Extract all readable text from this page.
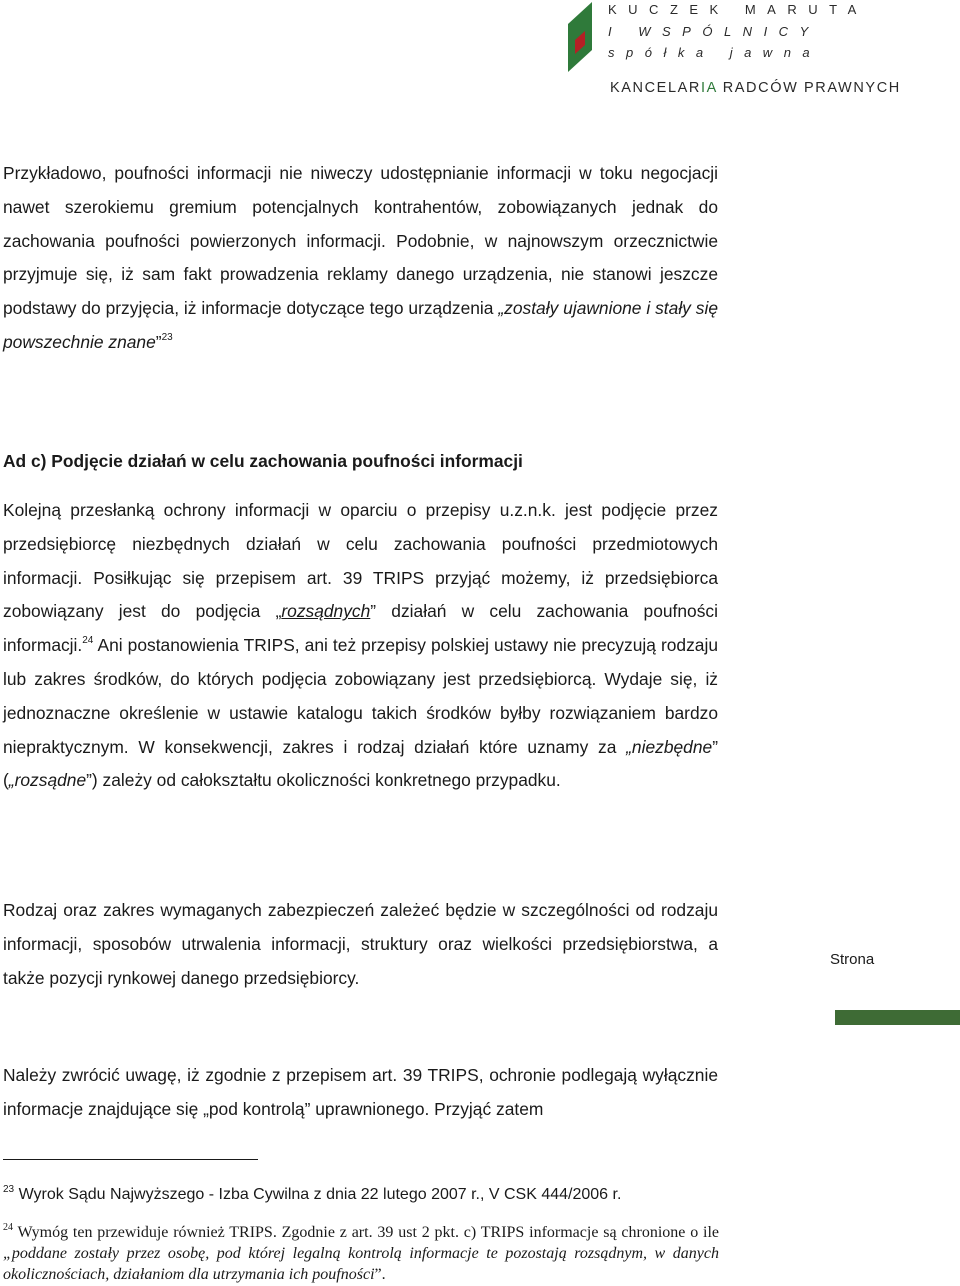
KUCZEK MARUTA
I WSPÓLNICY
spółka jawna
KANCELARIA RADCÓW PRAWNYCH

Przykładowo, poufności informacji nie niweczy udostępnianie informacji w toku negocjacji nawet szerokiemu gremium potencjalnych kontrahentów, zobowiązanych jednak do zachowania poufności powierzonych informacji. Podobnie, w najnowszym orzecznictwie przyjmuje się, iż sam fakt prowadzenia reklamy danego urządzenia, nie stanowi jeszcze podstawy do przyjęcia, iż informacje dotyczące tego urządzenia „zostały ujawnione i stały się powszechnie znane”$^{23}$

Ad c) Podjęcie działań w celu zachowania poufności informacji

Kolejną przesłanką ochrony informacji w oparciu o przepisy u.z.n.k. jest podjęcie przez przedsiębiorcę niezbędnych działań w celu zachowania poufności przedmiotowych informacji. Posiłkując się przepisem art. 39 TRIPS przyjąć możemy, iż przedsiębiorca zobowiązany jest do podjęcia „rozsądnych” działań w celu zachowania poufności informacji.$^{24}$ Ani postanowienia TRIPS, ani też przepisy polskiej ustawy nie precyzują rodzaju lub zakres środków, do których podjęcia zobowiązany jest przedsiębiorcą. Wydaje się, iż jednoznaczne określenie w ustawie katalogu takich środków byłby rozwiązaniem bardzo niepraktycznym. W konsekwencji, zakres i rodzaj działań które uznamy za „niezbędne” („rozsądne”) zależy od całokształtu okoliczności konkretnego przypadku.

Rodzaj oraz zakres wymaganych zabezpieczeń zależeć będzie w szczególności od rodzaju informacji, sposobów utrwalenia informacji, struktury oraz wielkości przedsiębiorstwa, a także pozycji rynkowej danego przedsiębiorcy.
Strona
Należy zwrócić uwagę, iż zgodnie z przepisem art. 39 TRIPS, ochronie podlegają wyłącznie informacje znajdujące się „pod kontrolą” uprawnionego. Przyjąć zatem
$^{23}$ Wyrok Sądu Najwyższego - Izba Cywilna z dnia 22 lutego 2007 r., V CSK 444/2006 r.
$^{24}$ Wymóg ten przewiduje również TRIPS. Zgodnie z art. 39 ust 2 pkt. c) TRIPS informacje są chronione o ile „poddane zostały przez osobę, pod której legalną kontrolą informacje te pozostają rozsądnym, w danych okolicznościach, działaniom dla utrzymania ich poufności”.
